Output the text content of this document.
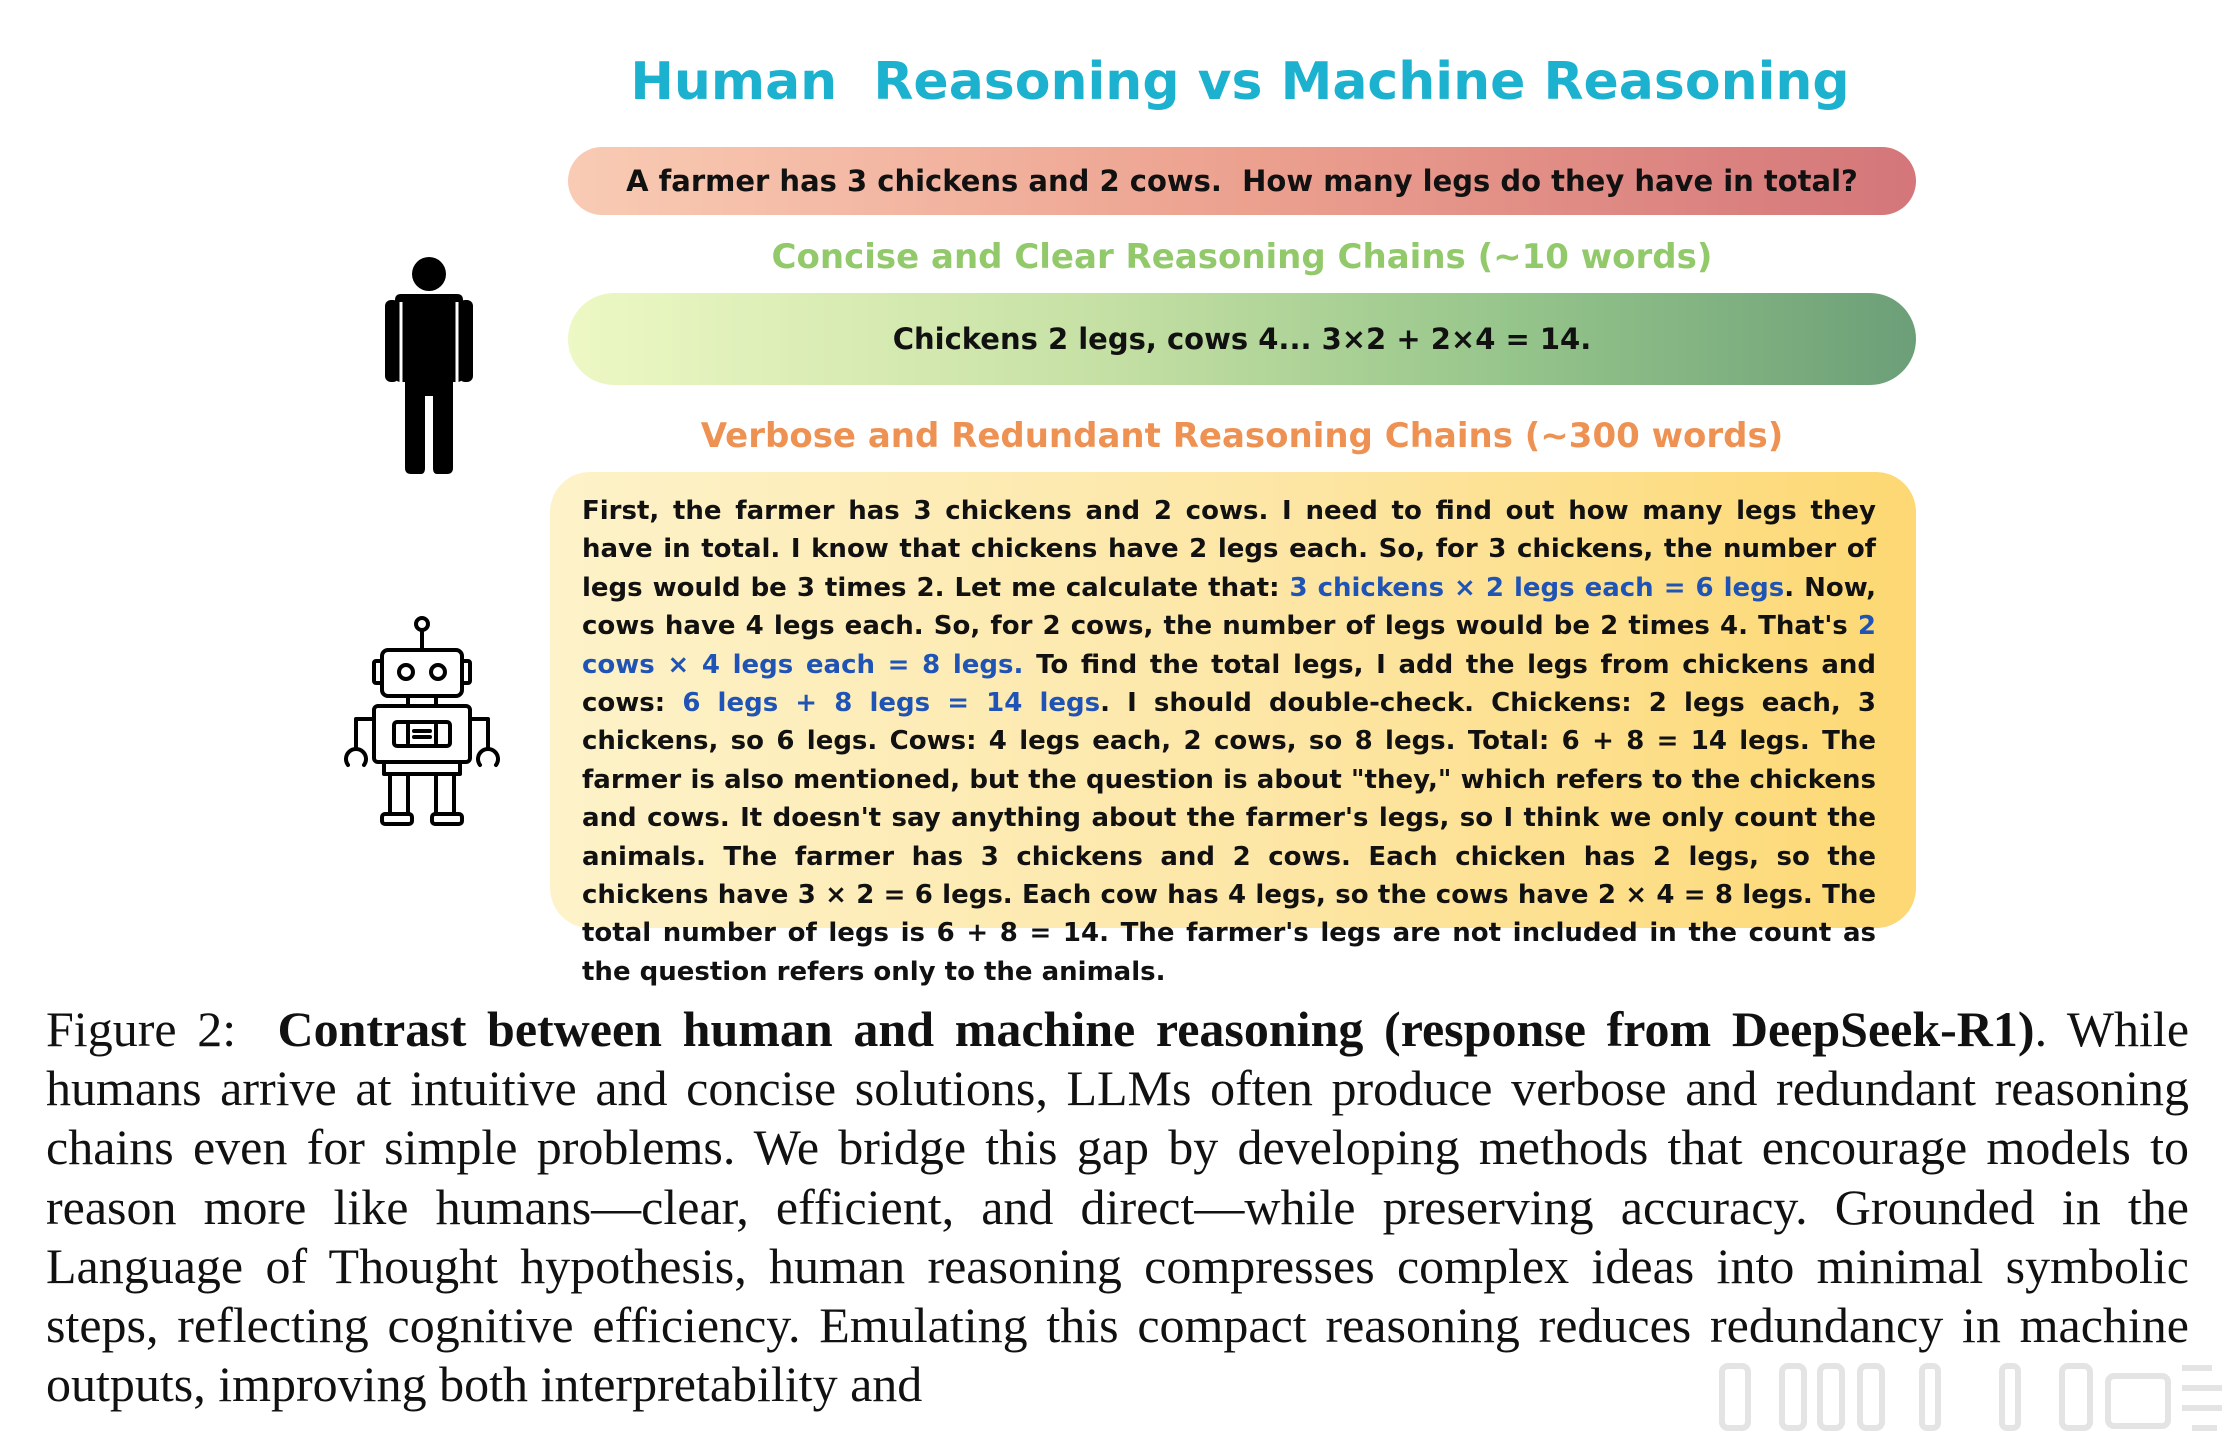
Human  Reasoning vs Machine Reasoning
A farmer has 3 chickens and 2 cows.  How many legs do they have in total?
Concise and Clear Reasoning Chains (~10 words)
Chickens 2 legs, cows 4... 3×2 + 2×4 = 14.
Verbose and Redundant Reasoning Chains (~300 words)

First, the farmer has 3 chickens and 2 cows. I need to find out how many legs they have in total. I know that chickens have 2 legs each. So, for 3 chickens, the number of legs would be 3 times 2. Let me calculate that: 3 chickens × 2 legs each = 6 legs. Now, cows have 4 legs each. So, for 2 cows, the number of legs would be 2 times 4. That's 2 cows × 4 legs each = 8 legs. To find the total legs, I add the legs from chickens and cows: 6 legs + 8 legs = 14 legs. I should double-check. Chickens: 2 legs each, 3 chickens, so 6 legs. Cows: 4 legs each, 2 cows, so 8 legs. Total: 6 + 8 = 14 legs. The farmer is also mentioned, but the question is about "they," which refers to the chickens and cows. It doesn't say anything about the farmer's legs, so I think we only count the animals. The farmer has 3 chickens and 2 cows. Each chicken has 2 legs, so the chickens have 3 × 2 = 6 legs. Each cow has 4 legs, so the cows have 2 × 4 = 8 legs. The total number of legs is 6 + 8 = 14. The farmer's legs are not included in the count as the question refers only to the animals.

Figure 2: Contrast between human and machine reasoning (response from DeepSeek-R1). While humans arrive at intuitive and concise solutions, LLMs often produce verbose and redundant reasoning chains even for simple problems. We bridge this gap by developing methods that encourage models to reason more like humans—clear, efficient, and direct—while preserving accuracy. Grounded in the Language of Thought hypothesis, human reasoning compresses complex ideas into minimal symbolic steps, reflecting cognitive efficiency. Emulating this compact reasoning reduces redundancy in machine outputs, improving both interpretability and
